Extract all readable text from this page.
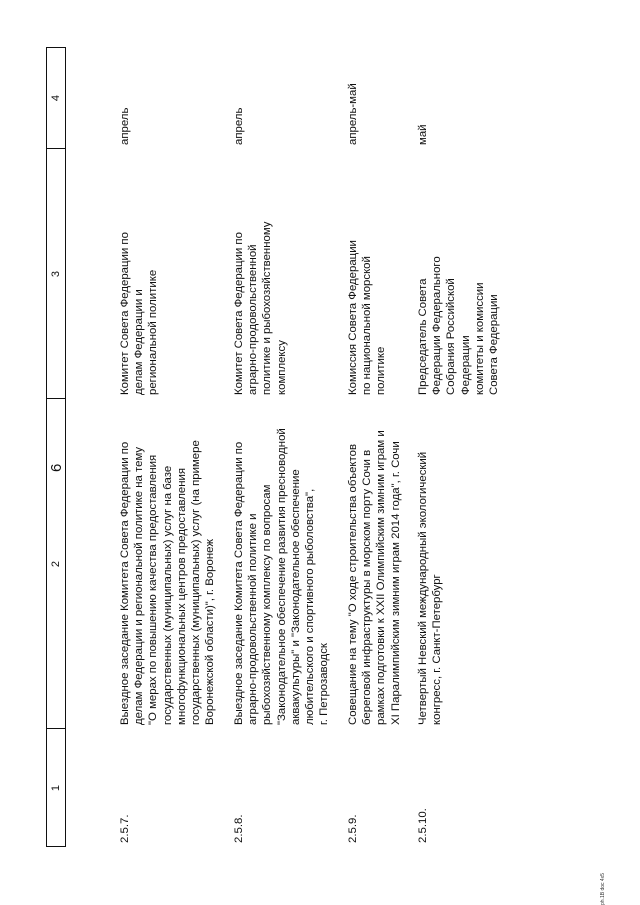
6
1
2
3
4
2.5.7.
Выездное заседание Комитета Совета Федерации по делам Федерации и региональной политике на тему "О мерах по повышению качества предоставления государственных (муниципальных) услуг на базе многофункциональных центров предоставления государственных (муниципальных) услуг (на примере Воронежской области)", г. Воронеж
Комитет Совета Федерации по делам Федерации и региональной политике
апрель
2.5.8.
Выездное заседание Комитета Совета Федерации по аграрно-продовольственной политике и рыбохозяйственному комплексу по вопросам "Законодательное обеспечение развития пресноводной аквакультуры" и "Законодательное обеспечение любительского и спортивного рыболовства", г. Петрозаводск
Комитет Совета Федерации по аграрно-продовольственной политике и рыбохозяйственному комплексу
апрель
2.5.9.
Совещание на тему "О ходе строительства объектов береговой инфраструктуры в морском порту Сочи в рамках подготовки к XXII Олимпийским зимним играм и XI Паралимпийским зимним играм 2014 года", г. Сочи
Комиссия Совета Федерации по национальной морской политике
апрель-май
2.5.10.
Четвертый Невский международный экологический конгресс, г. Санкт-Петербург
Председатель Совета Федерации Федерального Собрания Российской Федерации комитеты и комиссии Совета Федерации
май
ph.1B doc 4x5
